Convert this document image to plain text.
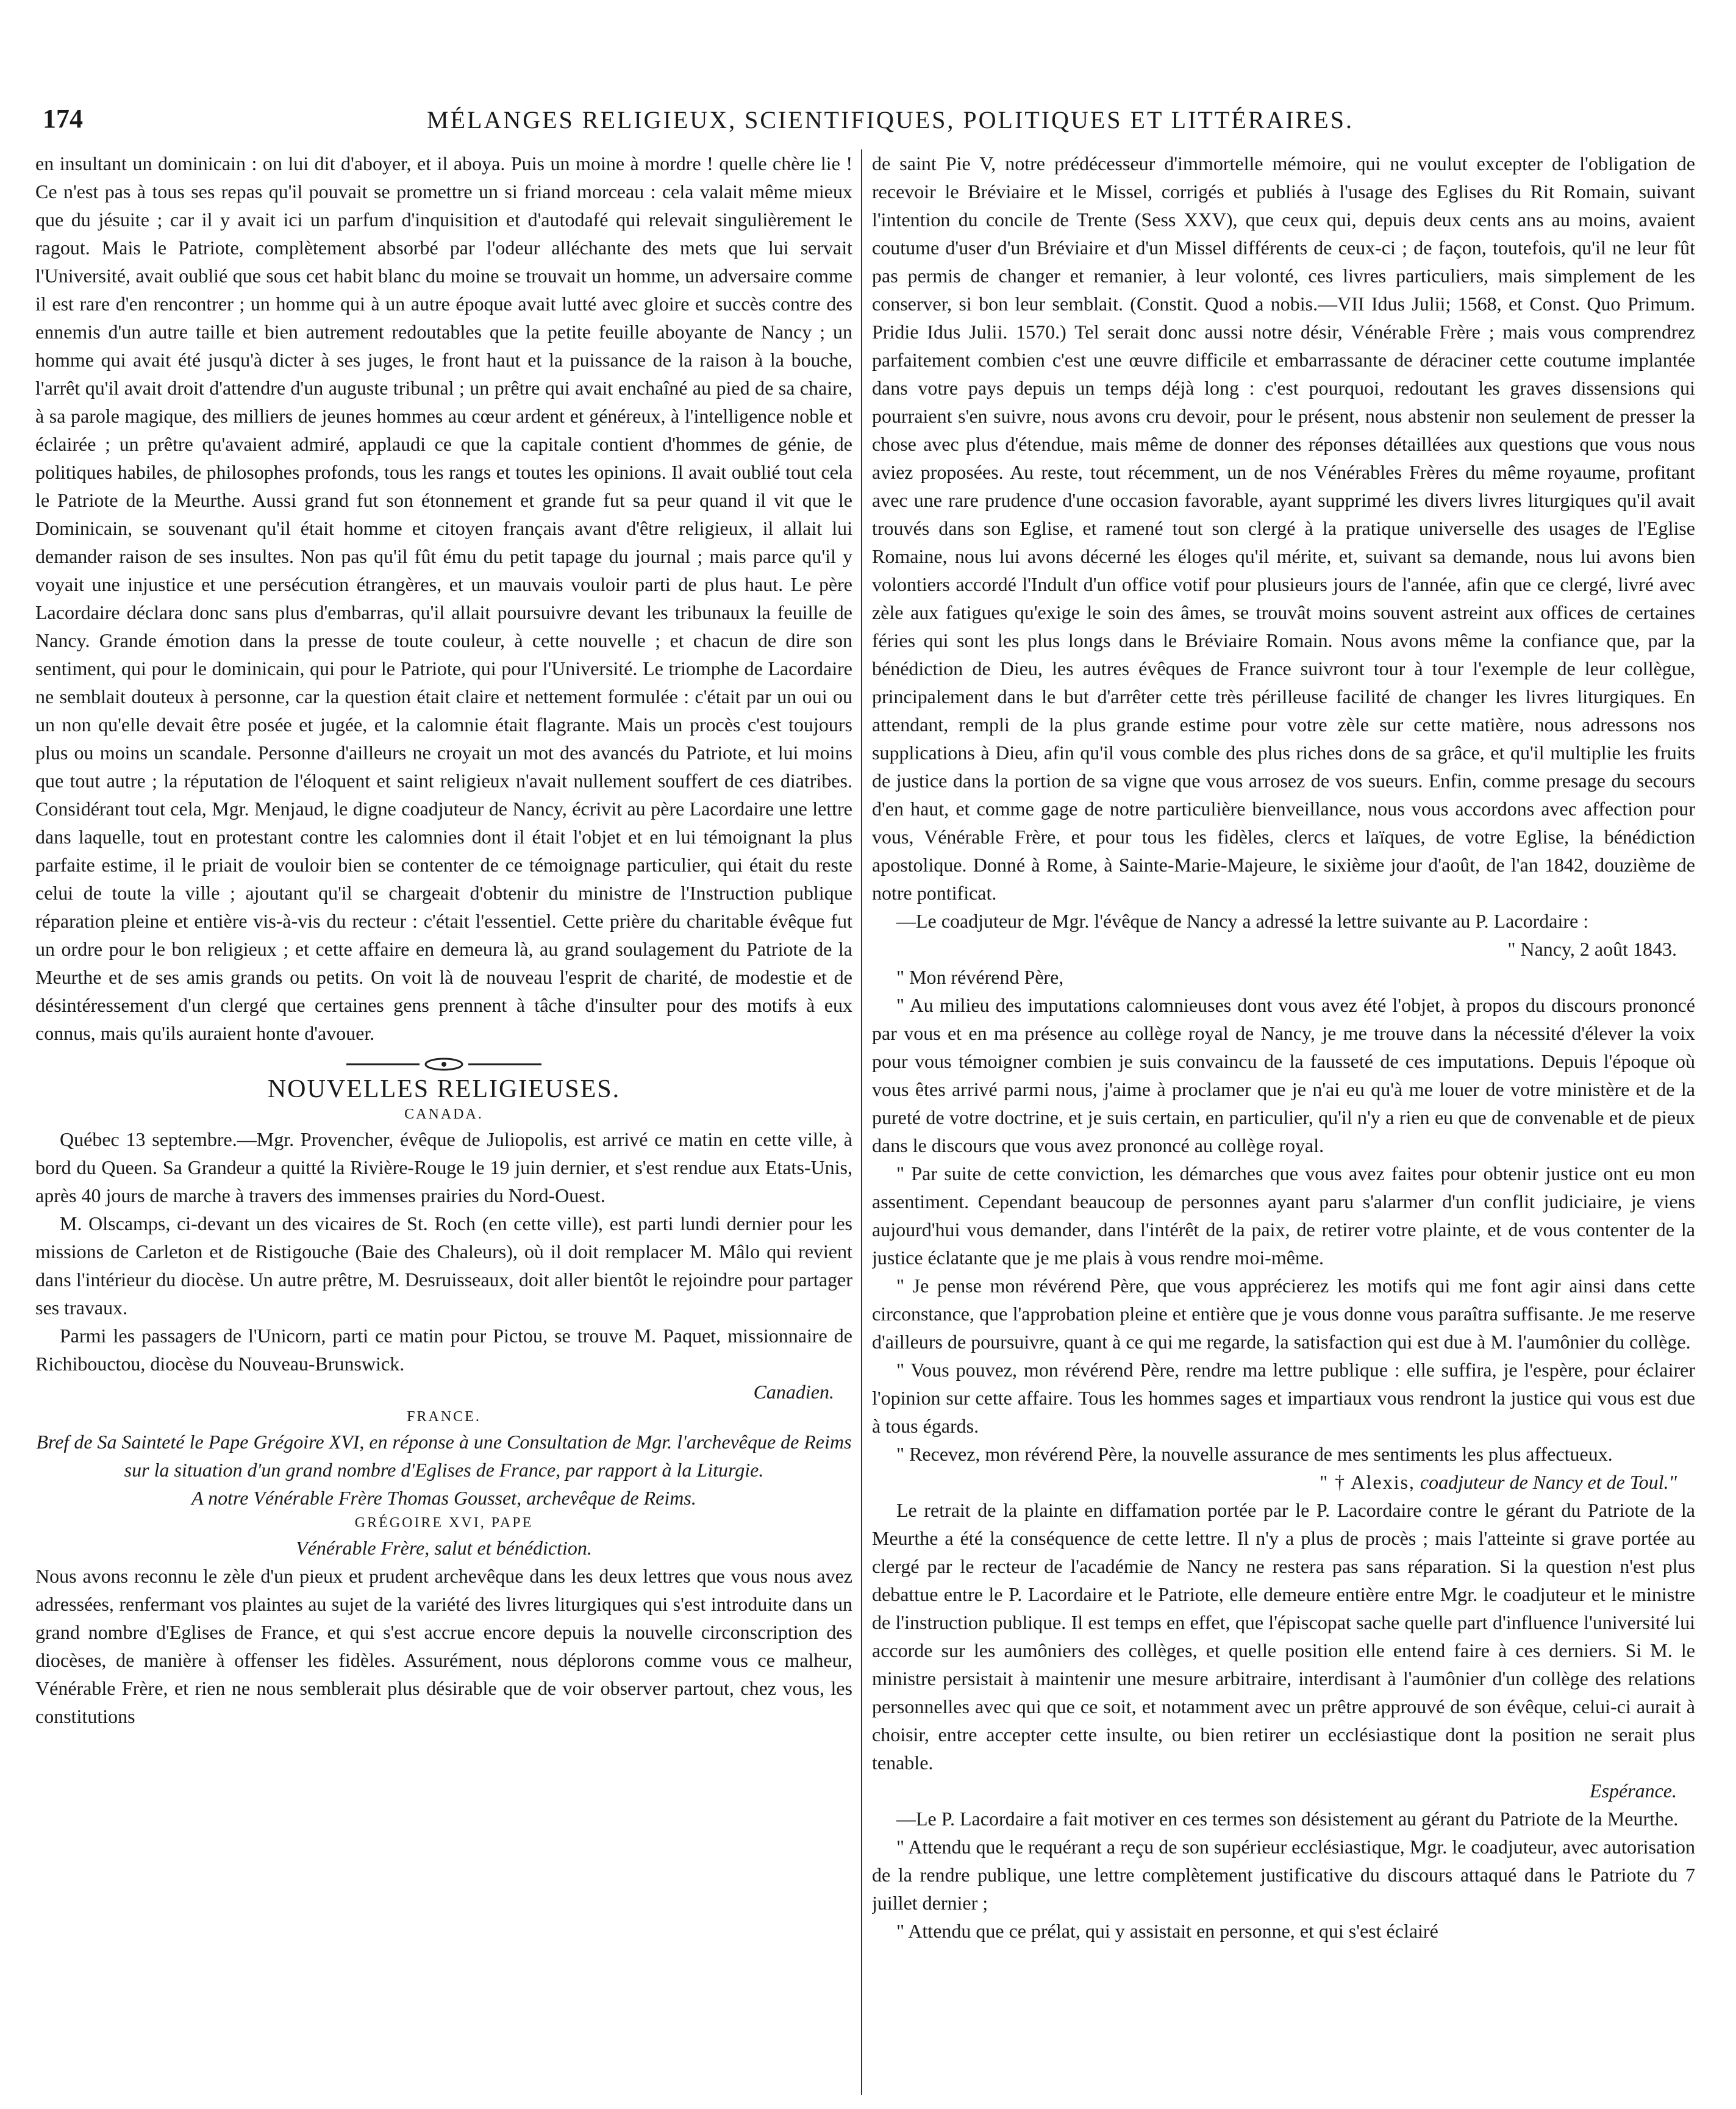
174	MÉLANGES RELIGIEUX, SCIENTIFIQUES, POLITIQUES ET LITTÉRAIRES.

en insultant un dominicain : on lui dit d'aboyer, et il aboya. Puis un moine à mordre ! quelle chère lie ! Ce n'est pas à tous ses repas qu'il pouvait se promettre un si friand morceau : cela valait même mieux que du jésuite ; car il y avait ici un parfum d'inquisition et d'autodafé qui relevait singulièrement le ragout. Mais le Patriote, complètement absorbé par l'odeur alléchante des mets que lui servait l'Université, avait oublié que sous cet habit blanc du moine se trouvait un homme, un adversaire comme il est rare d'en rencontrer ; un homme qui à un autre époque avait lutté avec gloire et succès contre des ennemis d'un autre taille et bien autrement redoutables que la petite feuille aboyante de Nancy ; un homme qui avait été jusqu'à dicter à ses juges, le front haut et la puissance de la raison à la bouche, l'arrêt qu'il avait droit d'attendre d'un auguste tribunal ; un prêtre qui avait enchaîné au pied de sa chaire, à sa parole magique, des milliers de jeunes hommes au cœur ardent et généreux, à l'intelligence noble et éclairée ; un prêtre qu'avaient admiré, applaudi ce que la capitale contient d'hommes de génie, de politiques habiles, de philosophes profonds, tous les rangs et toutes les opinions. Il avait oublié tout cela le Patriote de la Meurthe. Aussi grand fut son étonnement et grande fut sa peur quand il vit que le Dominicain, se souvenant qu'il était homme et citoyen français avant d'être religieux, il allait lui demander raison de ses insultes. Non pas qu'il fût ému du petit tapage du journal ; mais parce qu'il y voyait une injustice et une persécution étrangères, et un mauvais vouloir parti de plus haut. Le père Lacordaire déclara donc sans plus d'embarras, qu'il allait poursuivre devant les tribunaux la feuille de Nancy. Grande émotion dans la presse de toute couleur, à cette nouvelle ; et chacun de dire son sentiment, qui pour le dominicain, qui pour le Patriote, qui pour l'Université. Le triomphe de Lacordaire ne semblait douteux à personne, car la question était claire et nettement formulée : c'était par un oui ou un non qu'elle devait être posée et jugée, et la calomnie était flagrante. Mais un procès c'est toujours plus ou moins un scandale. Personne d'ailleurs ne croyait un mot des avancés du Patriote, et lui moins que tout autre ; la réputation de l'éloquent et saint religieux n'avait nullement souffert de ces diatribes. Considérant tout cela, Mgr. Menjaud, le digne coadjuteur de Nancy, écrivit au père Lacordaire une lettre dans laquelle, tout en protestant contre les calomnies dont il était l'objet et en lui témoignant la plus parfaite estime, il le priait de vouloir bien se contenter de ce témoignage particulier, qui était du reste celui de toute la ville ; ajoutant qu'il se chargeait d'obtenir du ministre de l'Instruction publique réparation pleine et entière vis-à-vis du recteur : c'était l'essentiel. Cette prière du charitable évêque fut un ordre pour le bon religieux ; et cette affaire en demeura là, au grand soulagement du Patriote de la Meurthe et de ses amis grands ou petits. On voit là de nouveau l'esprit de charité, de modestie et de désintéressement d'un clergé que certaines gens prennent à tâche d'insulter pour des motifs à eux connus, mais qu'ils auraient honte d'avouer.

NOUVELLES RELIGIEUSES.
CANADA.

Québec 13 septembre.—Mgr. Provencher, évêque de Juliopolis, est arrivé ce matin en cette ville, à bord du Queen. Sa Grandeur a quitté la Rivière-Rouge le 19 juin dernier, et s'est rendue aux Etats-Unis, après 40 jours de marche à travers des immenses prairies du Nord-Ouest.

M. Olscamps, ci-devant un des vicaires de St. Roch (en cette ville), est parti lundi dernier pour les missions de Carleton et de Ristigouche (Baie des Chaleurs), où il doit remplacer M. Mâlo qui revient dans l'intérieur du diocèse. Un autre prêtre, M. Desruisseaux, doit aller bientôt le rejoindre pour partager ses travaux.

Parmi les passagers de l'Unicorn, parti ce matin pour Pictou, se trouve M. Paquet, missionnaire de Richibouctou, diocèse du Nouveau-Brunswick.

Canadien.

FRANCE.

Bref de Sa Sainteté le Pape Grégoire XVI, en réponse à une Consultation de Mgr. l'archevêque de Reims sur la situation d'un grand nombre d'Eglises de France, par rapport à la Liturgie.

A notre Vénérable Frère Thomas Gousset, archevêque de Reims.

GRÉGOIRE XVI, PAPE

Vénérable Frère, salut et bénédiction.

Nous avons reconnu le zèle d'un pieux et prudent archevêque dans les deux lettres que vous nous avez adressées, renfermant vos plaintes au sujet de la variété des livres liturgiques qui s'est introduite dans un grand nombre d'Eglises de France, et qui s'est accrue encore depuis la nouvelle circonscription des diocèses, de manière à offenser les fidèles. Assurément, nous déplorons comme vous ce malheur, Vénérable Frère, et rien ne nous semblerait plus désirable que de voir observer partout, chez vous, les constitutions

de saint Pie V, notre prédécesseur d'immortelle mémoire, qui ne voulut excepter de l'obligation de recevoir le Bréviaire et le Missel, corrigés et publiés à l'usage des Eglises du Rit Romain, suivant l'intention du concile de Trente (Sess XXV), que ceux qui, depuis deux cents ans au moins, avaient coutume d'user d'un Bréviaire et d'un Missel différents de ceux-ci ; de façon, toutefois, qu'il ne leur fût pas permis de changer et remanier, à leur volonté, ces livres particuliers, mais simplement de les conserver, si bon leur semblait. (Constit. Quod a nobis.—VII Idus Julii; 1568, et Const. Quo Primum. Pridie Idus Julii. 1570.) Tel serait donc aussi notre désir, Vénérable Frère ; mais vous comprendrez parfaitement combien c'est une œuvre difficile et embarrassante de déraciner cette coutume implantée dans votre pays depuis un temps déjà long : c'est pourquoi, redoutant les graves dissensions qui pourraient s'en suivre, nous avons cru devoir, pour le présent, nous abstenir non seulement de presser la chose avec plus d'étendue, mais même de donner des réponses détaillées aux questions que vous nous aviez proposées. Au reste, tout récemment, un de nos Vénérables Frères du même royaume, profitant avec une rare prudence d'une occasion favorable, ayant supprimé les divers livres liturgiques qu'il avait trouvés dans son Eglise, et ramené tout son clergé à la pratique universelle des usages de l'Eglise Romaine, nous lui avons décerné les éloges qu'il mérite, et, suivant sa demande, nous lui avons bien volontiers accordé l'Indult d'un office votif pour plusieurs jours de l'année, afin que ce clergé, livré avec zèle aux fatigues qu'exige le soin des âmes, se trouvât moins souvent astreint aux offices de certaines féries qui sont les plus longs dans le Bréviaire Romain. Nous avons même la confiance que, par la bénédiction de Dieu, les autres évêques de France suivront tour à tour l'exemple de leur collègue, principalement dans le but d'arrêter cette très périlleuse facilité de changer les livres liturgiques. En attendant, rempli de la plus grande estime pour votre zèle sur cette matière, nous adressons nos supplications à Dieu, afin qu'il vous comble des plus riches dons de sa grâce, et qu'il multiplie les fruits de justice dans la portion de sa vigne que vous arrosez de vos sueurs. Enfin, comme presage du secours d'en haut, et comme gage de notre particulière bienveillance, nous vous accordons avec affection pour vous, Vénérable Frère, et pour tous les fidèles, clercs et laïques, de votre Eglise, la bénédiction apostolique. Donné à Rome, à Sainte-Marie-Majeure, le sixième jour d'août, de l'an 1842, douzième de notre pontificat.

—Le coadjuteur de Mgr. l'évêque de Nancy a adressé la lettre suivante au P. Lacordaire :

" Nancy, 2 août 1843.

" Mon révérend Père,

" Au milieu des imputations calomnieuses dont vous avez été l'objet, à propos du discours prononcé par vous et en ma présence au collège royal de Nancy, je me trouve dans la nécessité d'élever la voix pour vous témoigner combien je suis convaincu de la fausseté de ces imputations. Depuis l'époque où vous êtes arrivé parmi nous, j'aime à proclamer que je n'ai eu qu'à me louer de votre ministère et de la pureté de votre doctrine, et je suis certain, en particulier, qu'il n'y a rien eu que de convenable et de pieux dans le discours que vous avez prononcé au collège royal.

" Par suite de cette conviction, les démarches que vous avez faites pour obtenir justice ont eu mon assentiment. Cependant beaucoup de personnes ayant paru s'alarmer d'un conflit judiciaire, je viens aujourd'hui vous demander, dans l'intérêt de la paix, de retirer votre plainte, et de vous contenter de la justice éclatante que je me plais à vous rendre moi-même.

" Je pense mon révérend Père, que vous apprécierez les motifs qui me font agir ainsi dans cette circonstance, que l'approbation pleine et entière que je vous donne vous paraîtra suffisante. Je me reserve d'ailleurs de poursuivre, quant à ce qui me regarde, la satisfaction qui est due à M. l'aumônier du collège.

" Vous pouvez, mon révérend Père, rendre ma lettre publique : elle suffira, je l'espère, pour éclairer l'opinion sur cette affaire. Tous les hommes sages et impartiaux vous rendront la justice qui vous est due à tous égards.

" Recevez, mon révérend Père, la nouvelle assurance de mes sentiments les plus affectueux.

" † Alexis, coadjuteur de Nancy et de Toul."

Le retrait de la plainte en diffamation portée par le P. Lacordaire contre le gérant du Patriote de la Meurthe a été la conséquence de cette lettre. Il n'y a plus de procès ; mais l'atteinte si grave portée au clergé par le recteur de l'académie de Nancy ne restera pas sans réparation. Si la question n'est plus debattue entre le P. Lacordaire et le Patriote, elle demeure entière entre Mgr. le coadjuteur et le ministre de l'instruction publique. Il est temps en effet, que l'épiscopat sache quelle part d'influence l'université lui accorde sur les aumôniers des collèges, et quelle position elle entend faire à ces derniers. Si M. le ministre persistait à maintenir une mesure arbitraire, interdisant à l'aumônier d'un collège des relations personnelles avec qui que ce soit, et notamment avec un prêtre approuvé de son évêque, celui-ci aurait à choisir, entre accepter cette insulte, ou bien retirer un ecclésiastique dont la position ne serait plus tenable.

Espérance.

—Le P. Lacordaire a fait motiver en ces termes son désistement au gérant du Patriote de la Meurthe.

" Attendu que le requérant a reçu de son supérieur ecclésiastique, Mgr. le coadjuteur, avec autorisation de la rendre publique, une lettre complètement justificative du discours attaqué dans le Patriote du 7 juillet dernier ;

" Attendu que ce prélat, qui y assistait en personne, et qui s'est éclairé
